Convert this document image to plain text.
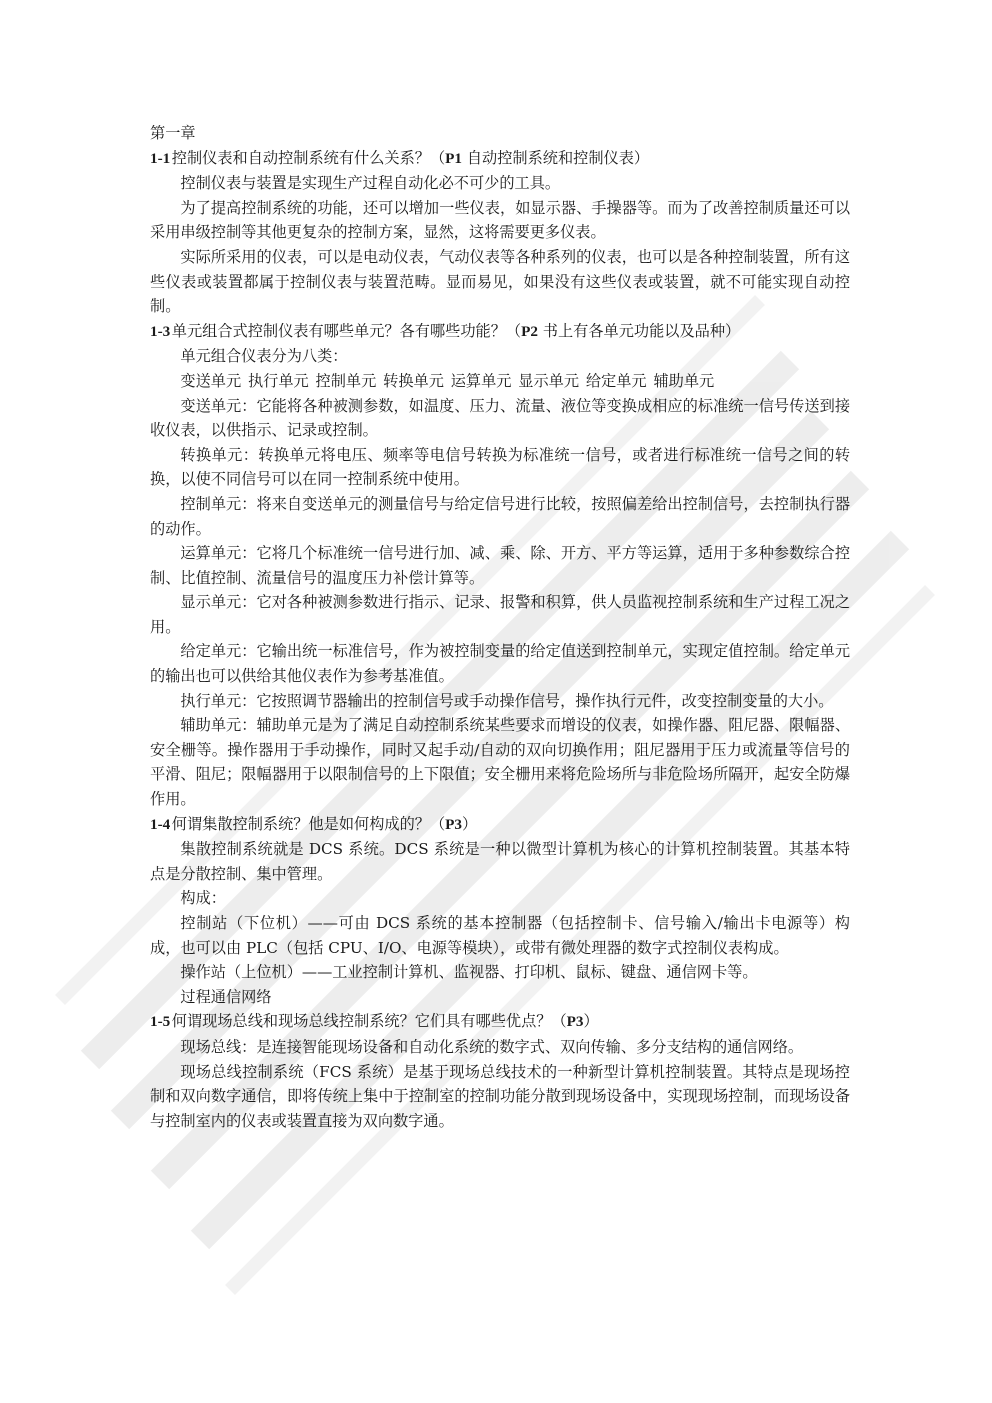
第一章

1-1 控制仪表和自动控制系统有什么关系？（P1 自动控制系统和控制仪表）

控制仪表与装置是实现生产过程自动化必不可少的工具。

为了提高控制系统的功能，还可以增加一些仪表，如显示器、手操器等。而为了改善控制质量还可以采用串级控制等其他更复杂的控制方案，显然，这将需要更多仪表。

实际所采用的仪表，可以是电动仪表，气动仪表等各种系列的仪表，也可以是各种控制装置，所有这些仪表或装置都属于控制仪表与装置范畴。显而易见，如果没有这些仪表或装置，就不可能实现自动控制。

1-3 单元组合式控制仪表有哪些单元？各有哪些功能？（P2 书上有各单元功能以及品种）

单元组合仪表分为八类：

变送单元 执行单元 控制单元 转换单元 运算单元 显示单元 给定单元 辅助单元

变送单元：它能将各种被测参数，如温度、压力、流量、液位等变换成相应的标准统一信号传送到接收仪表，以供指示、记录或控制。

转换单元：转换单元将电压、频率等电信号转换为标准统一信号，或者进行标准统一信号之间的转换，以使不同信号可以在同一控制系统中使用。

控制单元：将来自变送单元的测量信号与给定信号进行比较，按照偏差给出控制信号，去控制执行器的动作。

运算单元：它将几个标准统一信号进行加、减、乘、除、开方、平方等运算，适用于多种参数综合控制、比值控制、流量信号的温度压力补偿计算等。

显示单元：它对各种被测参数进行指示、记录、报警和积算，供人员监视控制系统和生产过程工况之用。

给定单元：它输出统一标准信号，作为被控制变量的给定值送到控制单元，实现定值控制。给定单元的输出也可以供给其他仪表作为参考基准值。

执行单元：它按照调节器输出的控制信号或手动操作信号，操作执行元件，改变控制变量的大小。

辅助单元：辅助单元是为了满足自动控制系统某些要求而增设的仪表，如操作器、阻尼器、限幅器、安全栅等。操作器用于手动操作，同时又起手动/自动的双向切换作用；阻尼器用于压力或流量等信号的平滑、阻尼；限幅器用于以限制信号的上下限值；安全栅用来将危险场所与非危险场所隔开，起安全防爆作用。

1-4 何谓集散控制系统？他是如何构成的？（P3）

集散控制系统就是 DCS 系统。DCS 系统是一种以微型计算机为核心的计算机控制装置。其基本特点是分散控制、集中管理。

构成：

控制站（下位机）——可由 DCS 系统的基本控制器（包括控制卡、信号输入/输出卡电源等）构成，也可以由 PLC（包括 CPU、I/O、电源等模块），或带有微处理器的数字式控制仪表构成。

操作站（上位机）——工业控制计算机、监视器、打印机、鼠标、键盘、通信网卡等。

过程通信网络

1-5 何谓现场总线和现场总线控制系统？它们具有哪些优点？（P3）

现场总线：是连接智能现场设备和自动化系统的数字式、双向传输、多分支结构的通信网络。

现场总线控制系统（FCS 系统）是基于现场总线技术的一种新型计算机控制装置。其特点是现场控制和双向数字通信，即将传统上集中于控制室的控制功能分散到现场设备中，实现现场控制，而现场设备与控制室内的仪表或装置直接为双向数字通。
